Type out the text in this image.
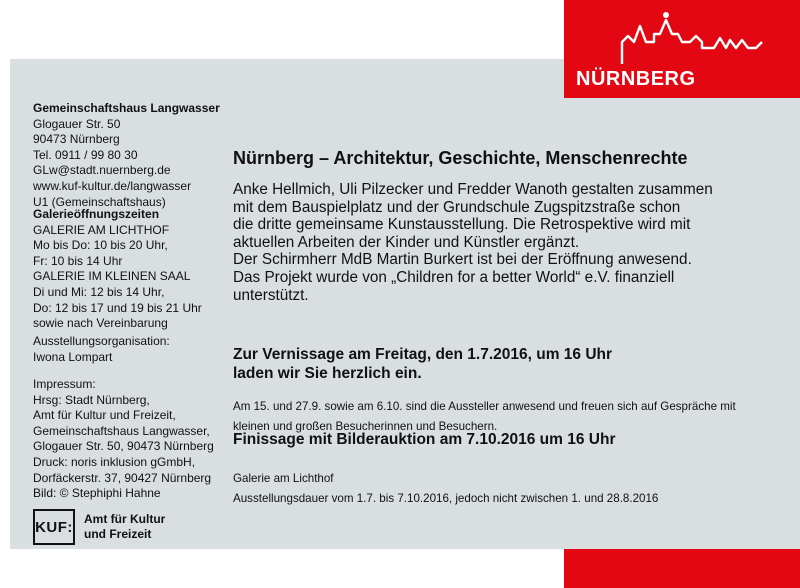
NÜRNBERG
Gemeinschaftshaus Langwasser
Glogauer Str. 50
90473 Nürnberg
Tel. 0911 / 99 80 30
GLw@stadt.nuernberg.de
www.kuf-kultur.de/langwasser
U1 (Gemeinschaftshaus)
Galerieöffnungszeiten
GALERIE AM LICHTHOF
Mo bis Do: 10 bis 20 Uhr,
Fr: 10 bis 14 Uhr
GALERIE IM KLEINEN SAAL
Di und Mi: 12 bis 14 Uhr,
Do: 12 bis 17 und 19 bis 21 Uhr
sowie nach Vereinbarung
Ausstellungsorganisation:
Iwona Lompart
Impressum:
Hrsg: Stadt Nürnberg,
Amt für Kultur und Freizeit,
Gemeinschaftshaus Langwasser,
Glogauer Str. 50, 90473 Nürnberg
Druck: noris inklusion gGmbH,
Dorfäckerstr. 37, 90427 Nürnberg
Bild: © Stephiphi Hahne
KUF: Amt für Kultur
und Freizeit
Nürnberg – Architektur, Geschichte, Menschenrechte

Anke Hellmich, Uli Pilzecker und Fredder Wanoth gestalten zusammen

mit dem Bauspielplatz und der Grundschule Zugspitzstraße schon

die dritte gemeinsame Kunstausstellung. Die Retrospektive wird mit

aktuellen Arbeiten der Kinder und Künstler ergänzt.

Der Schirmherr MdB Martin Burkert ist bei der Eröffnung anwesend.

Das Projekt wurde von „Children for a better World“ e.V. finanziell

unterstützt.

Zur Vernissage am Freitag, den 1.7.2016, um 16 Uhr

laden wir Sie herzlich ein.

Am 15. und 27.9. sowie am 6.10. sind die Aussteller anwesend und freuen sich auf Gespräche mit
kleinen und großen Besucherinnen und Besuchern.
Finissage mit Bilderauktion am 7.10.2016 um 16 Uhr
Galerie am Lichthof
Ausstellungsdauer vom 1.7. bis 7.10.2016, jedoch nicht zwischen 1. und 28.8.2016
